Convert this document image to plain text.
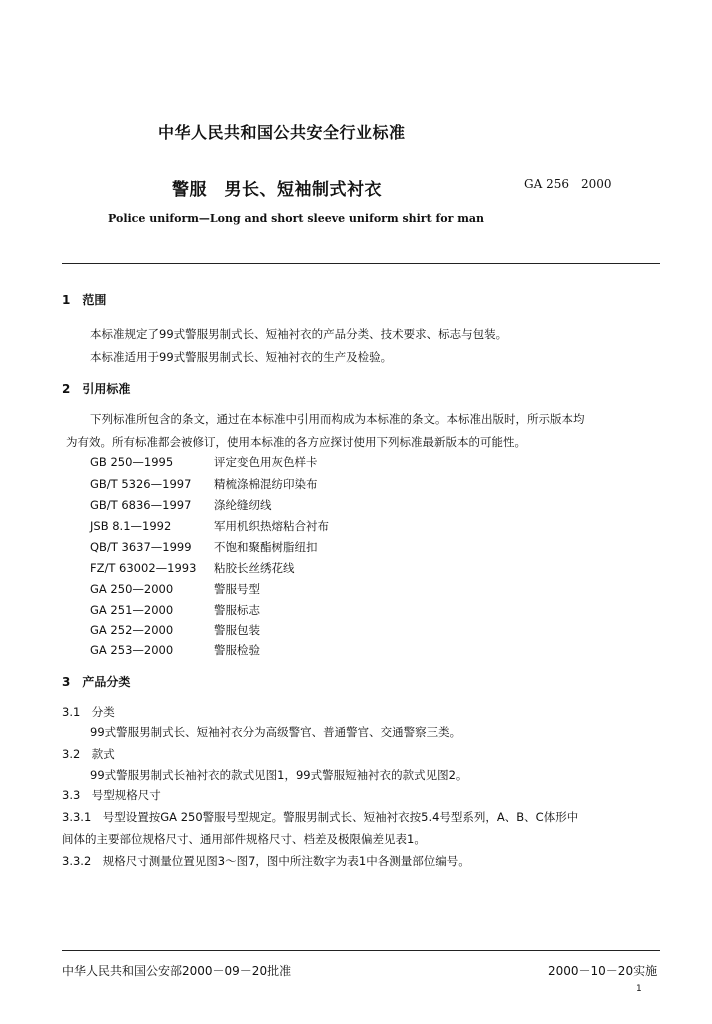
中华人民共和国公共安全行业标准
警服　男长、短袖制式衬衣	GA 256　2000
Police uniform—Long and short sleeve uniform shirt for man
1　范围
本标准规定了99式警服男制式长、短袖衬衣的产品分类、技术要求、标志与包装。
本标准适用于99式警服男制式长、短袖衬衣的生产及检验。
2　引用标准
下列标准所包含的条文，通过在本标准中引用而构成为本标准的条文。本标准出版时，所示版本均
为有效。所有标准都会被修订，使用本标准的各方应探讨使用下列标准最新版本的可能性。
GB 250—1995	评定变色用灰色样卡
GB/T 5326—1997 精梳涤棉混纺印染布
GB/T 6836—1997 涤纶缝纫线
JSB 8.1—1992	军用机织热熔粘合衬布
QB/T 3637—1999 不饱和聚酯树脂纽扣
FZ/T 63002—1993 粘胶长丝绣花线
GA 250—2000	警服号型
GA 251—2000	警服标志
GA 252—2000	警服包装
GA 253—2000	警服检验
3　产品分类
3.1　分类
99式警服男制式长、短袖衬衣分为高级警官、普通警官、交通警察三类。
3.2　款式
99式警服男制式长袖衬衣的款式见图1，99式警服短袖衬衣的款式见图2。
3.3　号型规格尺寸
3.3.1　号型设置按GA 250警服号型规定。警服男制式长、短袖衬衣按5.4号型系列，A、B、C体形中
间体的主要部位规格尺寸、通用部件规格尺寸、档差及极限偏差见表1。
3.3.2　规格尺寸测量位置见图3～图7，图中所注数字为表1中各测量部位编号。
中华人民共和国公安部2000－09－20批准	2000－10－20实施
1
